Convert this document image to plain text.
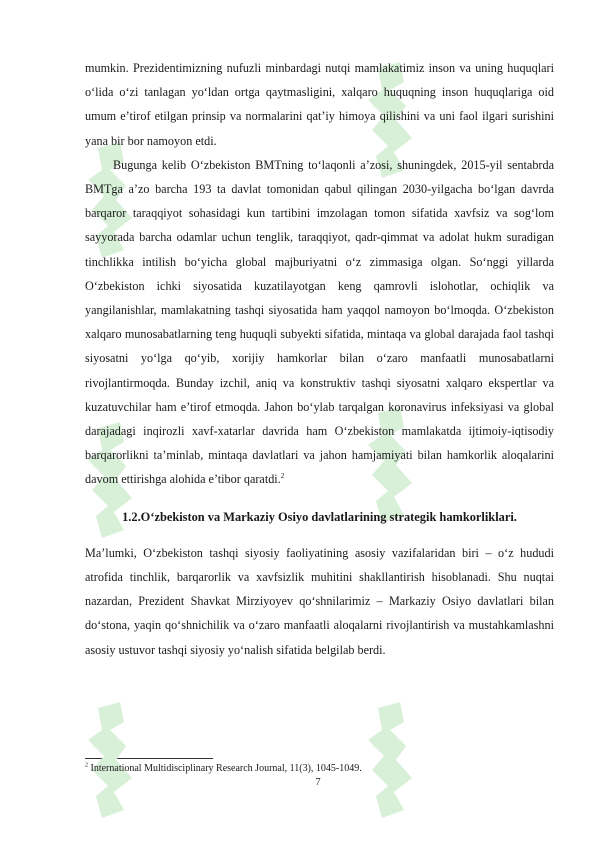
mumkin. Prezidentimizning nufuzli minbardagi nutqi mamlakatimiz inson va uning huquqlari o‘lida o‘zi tanlagan yo‘ldan ortga qaytmasligini, xalqaro huquqning inson huquqlariga oid umum e’tirof etilgan prinsip va normalarini qat’iy himoya qilishini va uni faol ilgari surishini yana bir bor namoyon etdi.

Bugunga kelib O‘zbekiston BMTning to‘laqonli a’zosi, shuningdek, 2015-yil sentabrda BMTga a’zo barcha 193 ta davlat tomonidan qabul qilingan 2030-yilgacha bo‘lgan davrda barqaror taraqqiyot sohasidagi kun tartibini imzolagan tomon sifatida xavfsiz va sog‘lom sayyorada barcha odamlar uchun tenglik, taraqqiyot, qadr-qimmat va adolat hukm suradigan tinchlikka intilish bo‘yicha global majburiyatni o‘z zimmasiga olgan. So‘nggi yillarda O‘zbekiston ichki siyosatida kuzatilayotgan keng qamrovli islohotlar, ochiqlik va yangilanishlar, mamlakatning tashqi siyosatida ham yaqqol namoyon bo‘lmoqda. O‘zbekiston xalqaro munosabatlarning teng huquqli subyekti sifatida, mintaqa va global darajada faol tashqi siyosatni yo‘lga qo‘yib, xorijiy hamkorlar bilan o‘zaro manfaatli munosabatlarni rivojlantirmoqda. Bunday izchil, aniq va konstruktiv tashqi siyosatni xalqaro ekspertlar va kuzatuvchilar ham e’tirof etmoqda. Jahon bo‘ylab tarqalgan koronavirus infeksiyasi va global darajadagi inqirozli xavf-xatarlar davrida ham O‘zbekiston mamlakatda ijtimoiy-iqtisodiy barqarorlikni ta’minlab, mintaqa davlatlari va jahon hamjamiyati bilan hamkorlik aloqalarini davom ettirishga alohida e’tibor qaratdi.$^2$

1.2.O‘zbekiston va Markaziy Osiyo davlatlarining strategik hamkorliklari.

Ma’lumki, O‘zbekiston tashqi siyosiy faoliyatining asosiy vazifalaridan biri – o‘z hududi atrofida tinchlik, barqarorlik va xavfsizlik muhitini shakllantirish hisoblanadi. Shu nuqtai nazardan, Prezident Shavkat Mirziyoyev qo‘shnilarimiz – Markaziy Osiyo davlatlari bilan do‘stona, yaqin qo‘shnichilik va o‘zaro manfaatli aloqalarni rivojlantirish va mustahkamlashni asosiy ustuvor tashqi siyosiy yo‘nalish sifatida belgilab berdi.

$^2$ International Multidisciplinary Research Journal, 11(3), 1045-1049.
7
